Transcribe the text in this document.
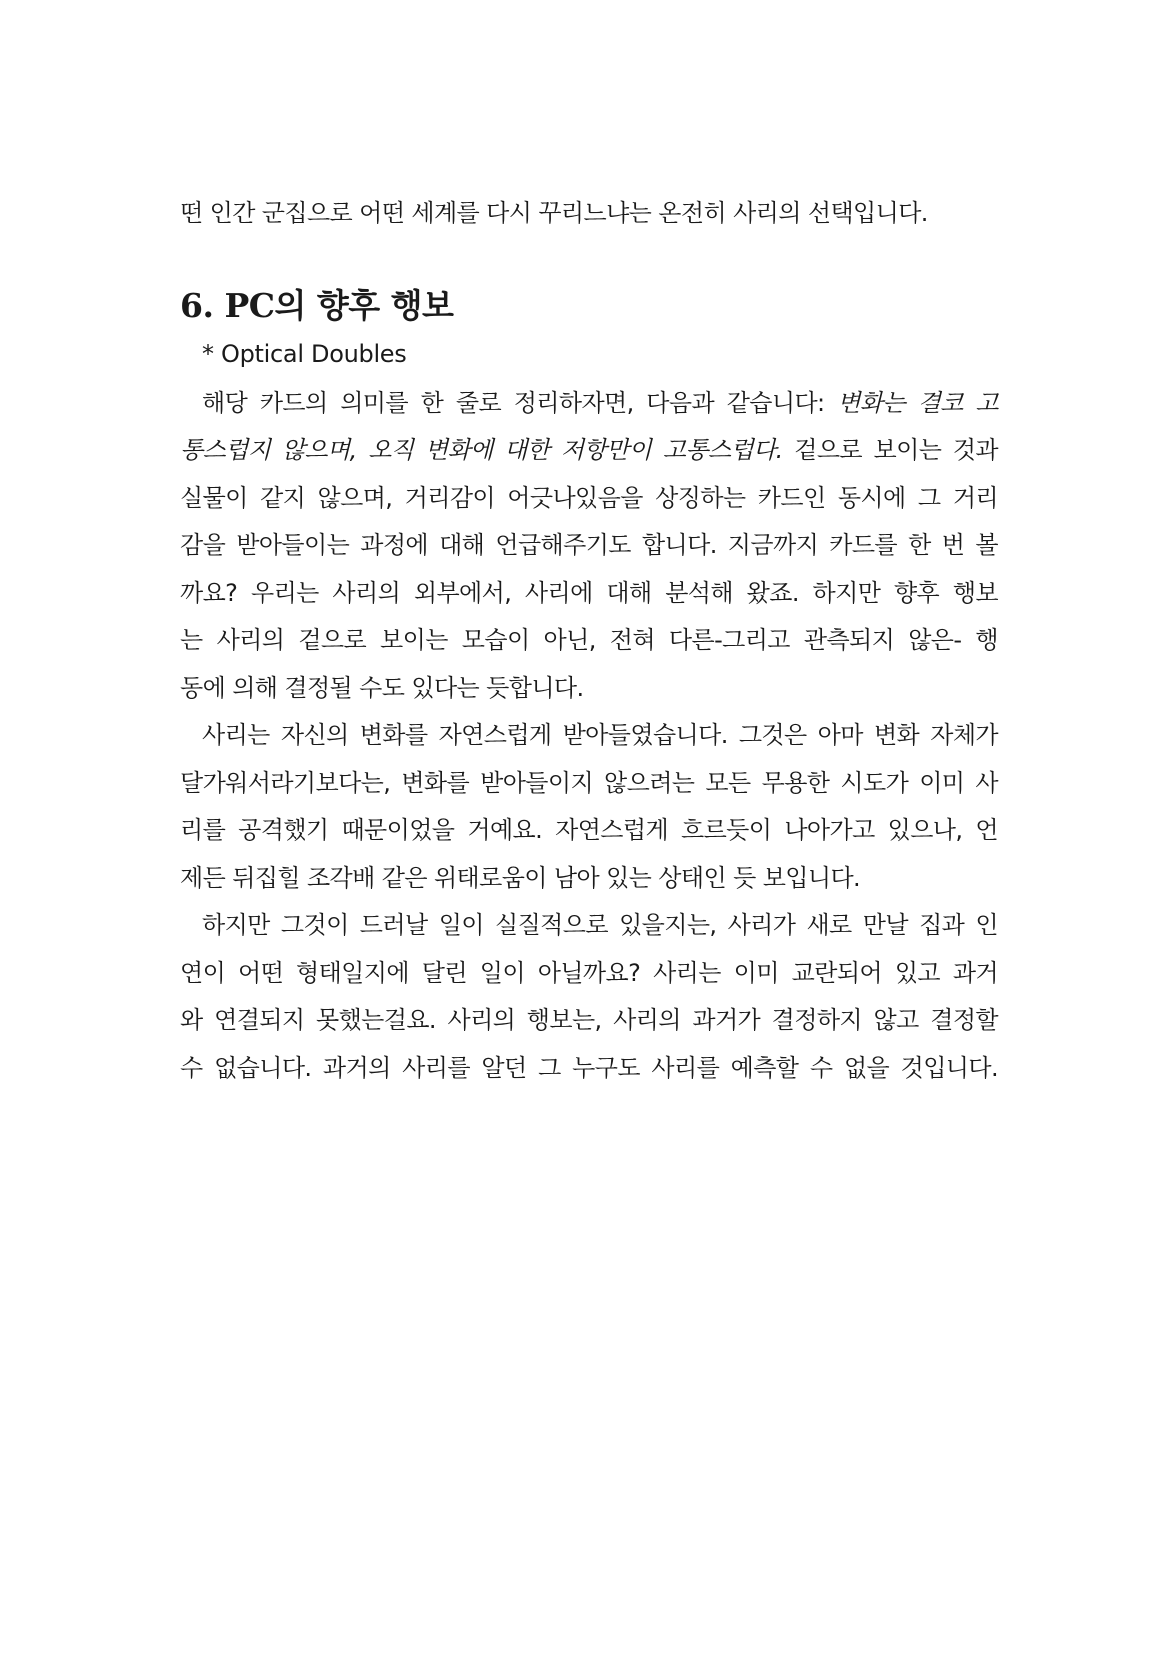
떤 인간 군집으로 어떤 세계를 다시 꾸리느냐는 온전히 사리의 선택입니다.
6. PC의 향후 행보
* Optical Doubles
해당 카드의 의미를 한 줄로 정리하자면, 다음과 같습니다: 변화는 결코 고
통스럽지 않으며, 오직 변화에 대한 저항만이 고통스럽다. 겉으로 보이는 것과
실물이 같지 않으며, 거리감이 어긋나있음을 상징하는 카드인 동시에 그 거리
감을 받아들이는 과정에 대해 언급해주기도 합니다. 지금까지 카드를 한 번 볼
까요? 우리는 사리의 외부에서, 사리에 대해 분석해 왔죠. 하지만 향후 행보
는 사리의 겉으로 보이는 모습이 아닌, 전혀 다른-그리고 관측되지 않은- 행
동에 의해 결정될 수도 있다는 듯합니다.
사리는 자신의 변화를 자연스럽게 받아들였습니다. 그것은 아마 변화 자체가
달가워서라기보다는, 변화를 받아들이지 않으려는 모든 무용한 시도가 이미 사
리를 공격했기 때문이었을 거예요. 자연스럽게 흐르듯이 나아가고 있으나, 언
제든 뒤집힐 조각배 같은 위태로움이 남아 있는 상태인 듯 보입니다.
하지만 그것이 드러날 일이 실질적으로 있을지는, 사리가 새로 만날 집과 인
연이 어떤 형태일지에 달린 일이 아닐까요? 사리는 이미 교란되어 있고 과거
와 연결되지 못했는걸요. 사리의 행보는, 사리의 과거가 결정하지 않고 결정할
수 없습니다. 과거의 사리를 알던 그 누구도 사리를 예측할 수 없을 것입니다.
